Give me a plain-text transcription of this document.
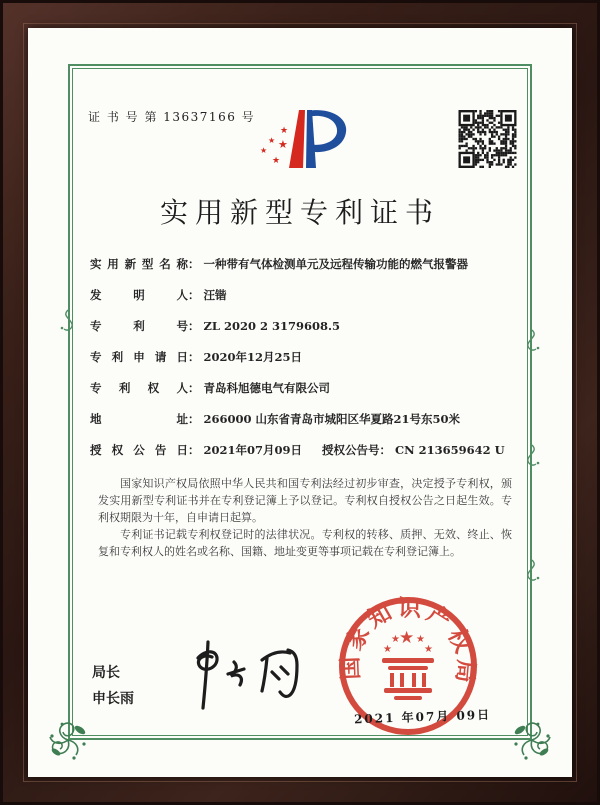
证 书 号 第 13637166 号
★
★ ★
★
★
实用新型专利证书
实用新型名称： 一种带有气体检测单元及远程传输功能的燃气报警器
发明人： 汪锴
专利号： ZL 2020 2 3179608.5
专利申请日： 2020年12月25日
专利权人： 青岛科旭德电气有限公司
地址： 266000 山东省青岛市城阳区华夏路21号东50米
授权公告日： 2021年07月09日 授权公告号： CN 213659642 U

国家知识产权局依照中华人民共和国专利法经过初步审查，决定授予专利权，颁发实用新型专利证书并在专利登记簿上予以登记。专利权自授权公告之日起生效。专利权期限为十年，自申请日起算。

专利证书记载专利权登记时的法律状况。专利权的转移、质押、无效、终止、恢复和专利权人的姓名或名称、国籍、地址变更等事项记载在专利登记簿上。

局长
申长雨
国家知识产权局
★
★
★ ★
★
2021 年07月 09日
